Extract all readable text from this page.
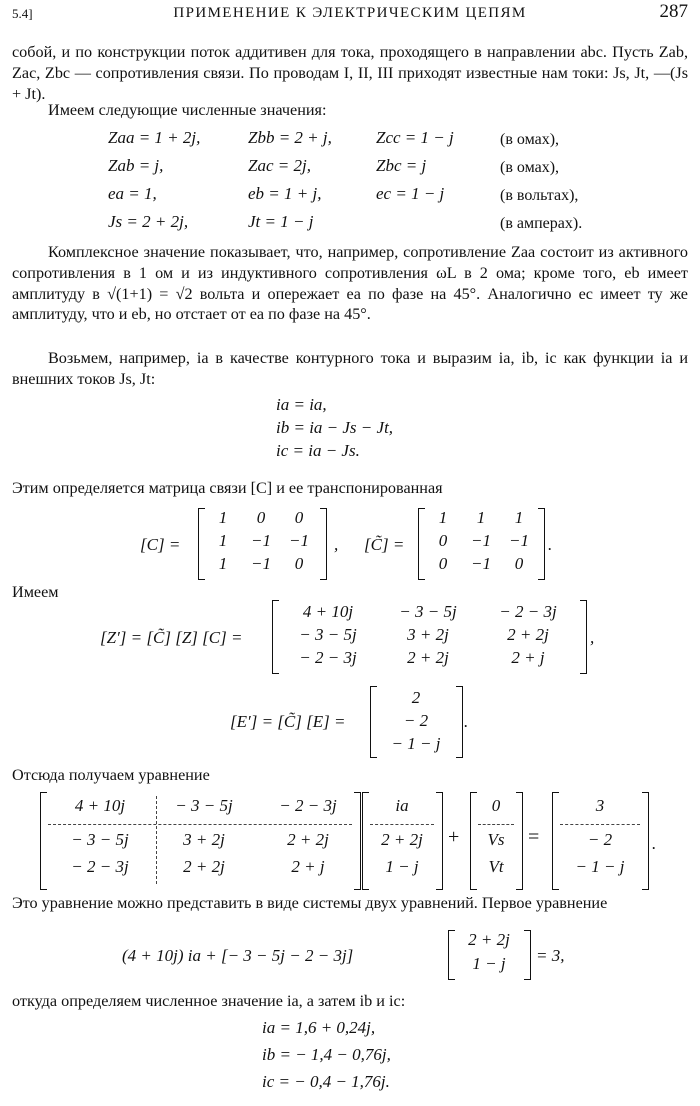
5.4]	ПРИМЕНЕНИЕ К ЭЛЕКТРИЧЕСКИМ ЦЕПЯМ	287
собой, и по конструкции поток аддитивен для тока, проходящего в направлении abc. Пусть Zab, Zac, Zbc — сопротивления связи. По проводам I, II, III приходят известные нам токи: Js, Jt, —(Js + Jt).
Имеем следующие численные значения:
Zaa = 1 + 2j,	Zbb = 2 + j,	Zcc = 1 − j	(в омах),
Zab = j,	Zac = 2j,	Zbc = j	(в омах),
ea = 1,	eb = 1 + j,	ec = 1 − j	(в вольтах),
Js = 2 + 2j,	Jt = 1 − j	(в амперах).
Комплексное значение показывает, что, например, сопротивление Zaa состоит из активного сопротивления в 1 ом и из индуктивного сопротивления ωL в 2 ома; кроме того, eb имеет амплитуду в √(1+1) = √2 вольта и опережает ea по фазе на 45°. Аналогично ec имеет ту же амплитуду, что и eb, но отстает от ea по фазе на 45°.
Возьмем, например, ia в качестве контурного тока и выразим ia, ib, ic как функции ia и внешних токов Js, Jt:
ia = ia,
ib = ia − Js − Jt,
ic = ia − Js.
Этим определяется матрица связи [C] и ее транспонированная
[C] =
1	0	0
1	−1	−1
1	−1	0
, [C̃] =
1	1	1
0	−1	−1
0	−1	0
.
Имеем
[Z′] = [C̃] [Z] [C] =
4 + 10j	− 3 − 5j	− 2 − 3j
− 3 − 5j	3 + 2j	2 + 2j
− 2 − 3j	2 + 2j	2 + j
,
[E′] = [C̃] [E] =
2
− 2
− 1 − j
.
Отсюда получаем уравнение
4 + 10j	− 3 − 5j	− 2 − 3j
− 3 − 5j	3 + 2j	2 + 2j
− 2 − 3j	2 + 2j	2 + j
ia
2 + 2j
1 − j
+
0
Vs
Vt
=
3
− 2
− 1 − j
.
Это уравнение можно представить в виде системы двух уравнений. Первое уравнение
(4 + 10j) ia + [− 3 − 5j − 2 − 3j]
2 + 2j
1 − j	= 3,
откуда определяем численное значение ia, а затем ib и ic:
ia = 1,6 + 0,24j,
ib = − 1,4 − 0,76j,
ic = − 0,4 − 1,76j.
